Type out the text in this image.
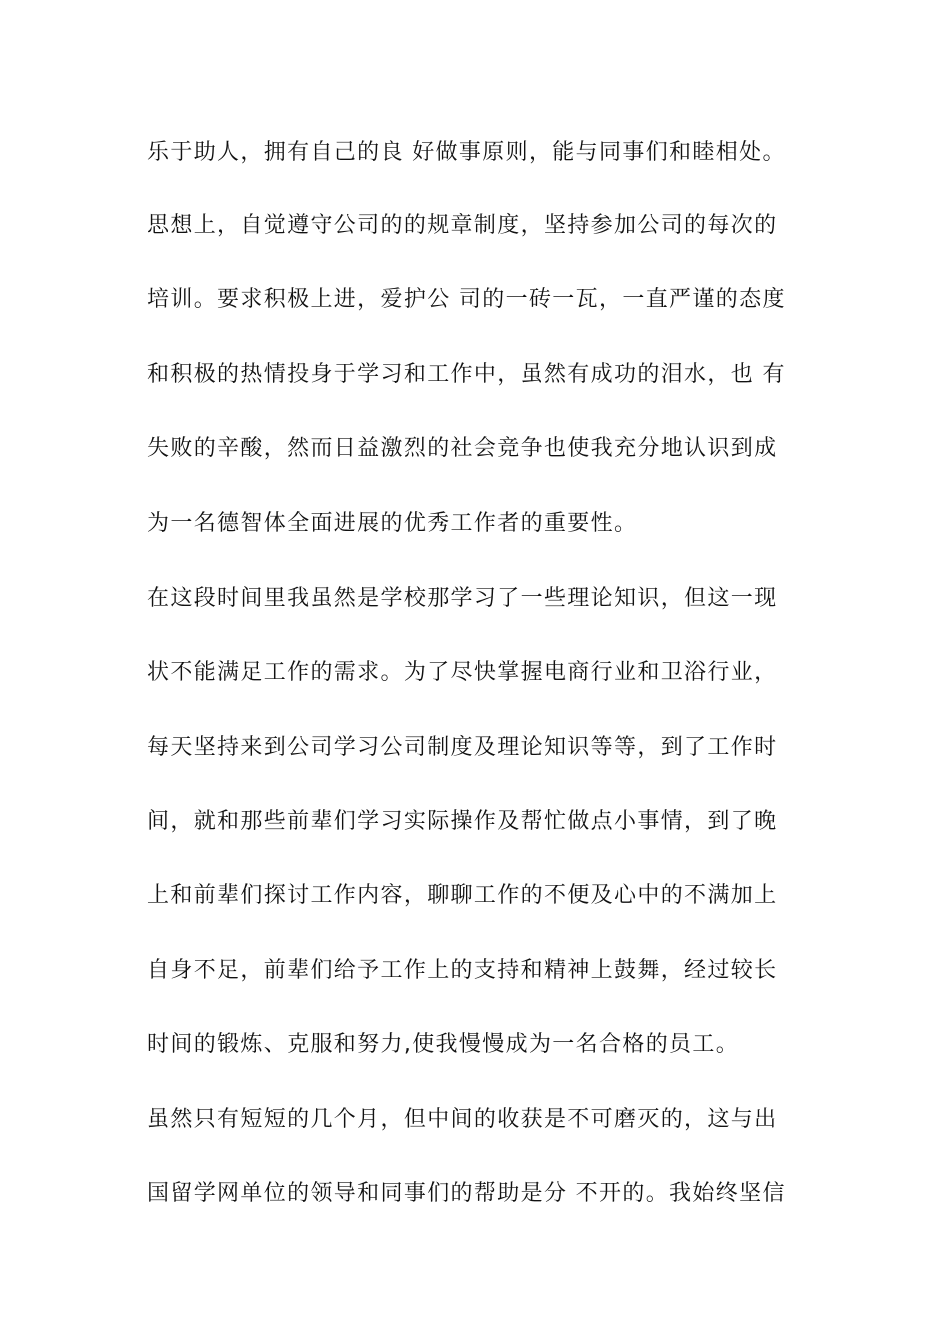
乐于助人，拥有自己的良 好做事原则，能与同事们和睦相处。
思想上，自觉遵守公司的的规章制度，坚持参加公司的每次的
培训。要求积极上进，爱护公 司的一砖一瓦，一直严谨的态度
和积极的热情投身于学习和工作中，虽然有成功的泪水，也 有
失败的辛酸，然而日益激烈的社会竞争也使我充分地认识到成
为一名德智体全面进展的优秀工作者的重要性。
在这段时间里我虽然是学校那学习了一些理论知识，但这一现
状不能满足工作的需求。为了尽快掌握电商行业和卫浴行业，
每天坚持来到公司学习公司制度及理论知识等等，到了工作时
间，就和那些前辈们学习实际操作及帮忙做点小事情，到了晚
上和前辈们探讨工作内容，聊聊工作的不便及心中的不满加上
自身不足，前辈们给予工作上的支持和精神上鼓舞，经过较长
时间的锻炼、克服和努力,使我慢慢成为一名合格的员工。
虽然只有短短的几个月，但中间的收获是不可磨灭的，这与出
国留学网单位的领导和同事们的帮助是分 不开的。我始终坚信
